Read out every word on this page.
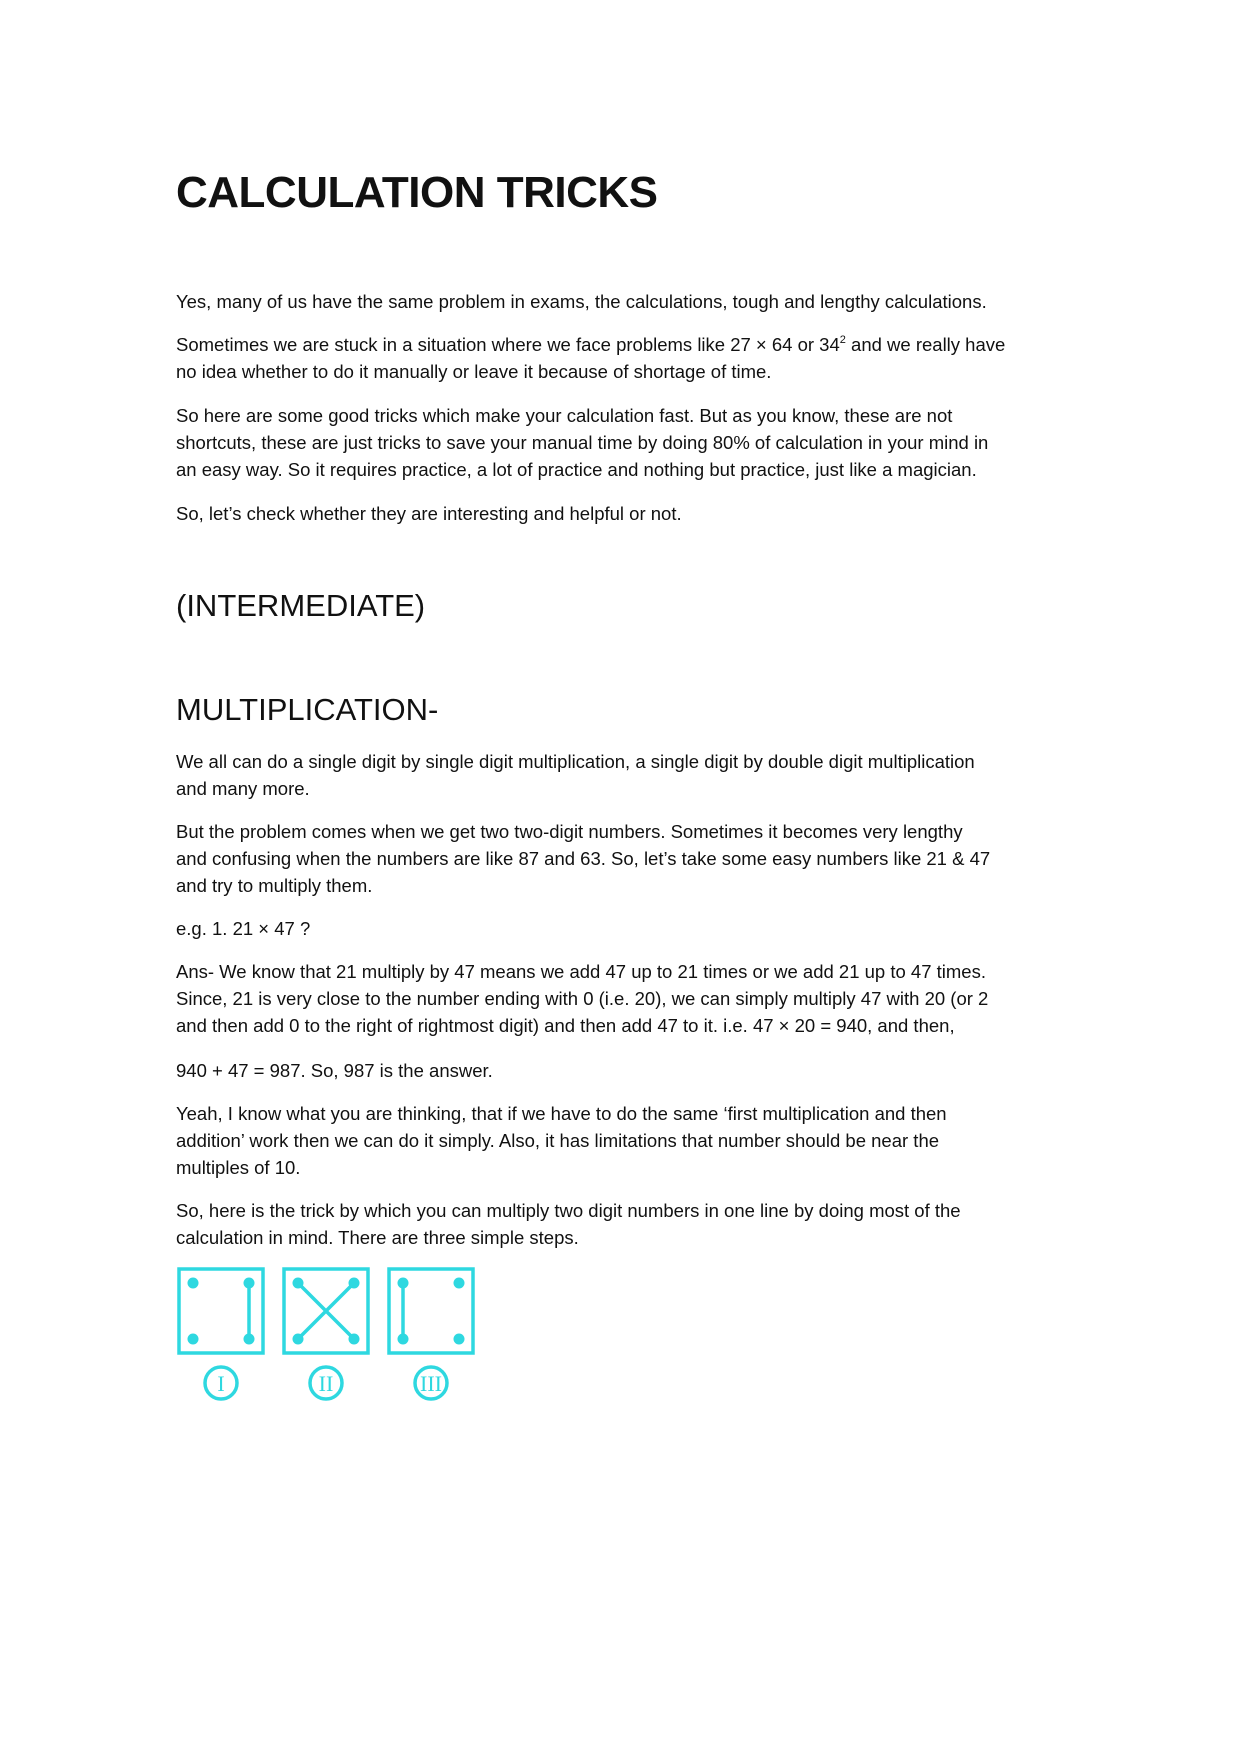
CALCULATION TRICKS

Yes, many of us have the same problem in exams, the calculations, tough and lengthy calculations.

Sometimes we are stuck in a situation where we face problems like 27 × 64 or $34^2$ and we really have
no idea whether to do it manually or leave it because of shortage of time.

So here are some good tricks which make your calculation fast. But as you know, these are not
shortcuts, these are just tricks to save your manual time by doing 80% of calculation in your mind in
an easy way. So it requires practice, a lot of practice and nothing but practice, just like a magician.

So, let’s check whether they are interesting and helpful or not.

(INTERMEDIATE)
MULTIPLICATION-

We all can do a single digit by single digit multiplication, a single digit by double digit multiplication
and many more.

But the problem comes when we get two two-digit numbers. Sometimes it becomes very lengthy
and confusing when the numbers are like 87 and 63. So, let’s take some easy numbers like 21 & 47
and try to multiply them.

e.g. 1. 21 × 47 ?

Ans- We know that 21 multiply by 47 means we add 47 up to 21 times or we add 21 up to 47 times.
Since, 21 is very close to the number ending with 0 (i.e. 20), we can simply multiply 47 with 20 (or 2
and then add 0 to the right of rightmost digit) and then add 47 to it. i.e. 47 × 20 = 940, and then,

940 + 47 = 987. So, 987 is the answer.

Yeah, I know what you are thinking, that if we have to do the same ‘first multiplication and then
addition’ work then we can do it simply. Also, it has limitations that number should be near the
multiples of 10.

So, here is the trick by which you can multiply two digit numbers in one line by doing most of the
calculation in mind. There are three simple steps.

I	II	III
